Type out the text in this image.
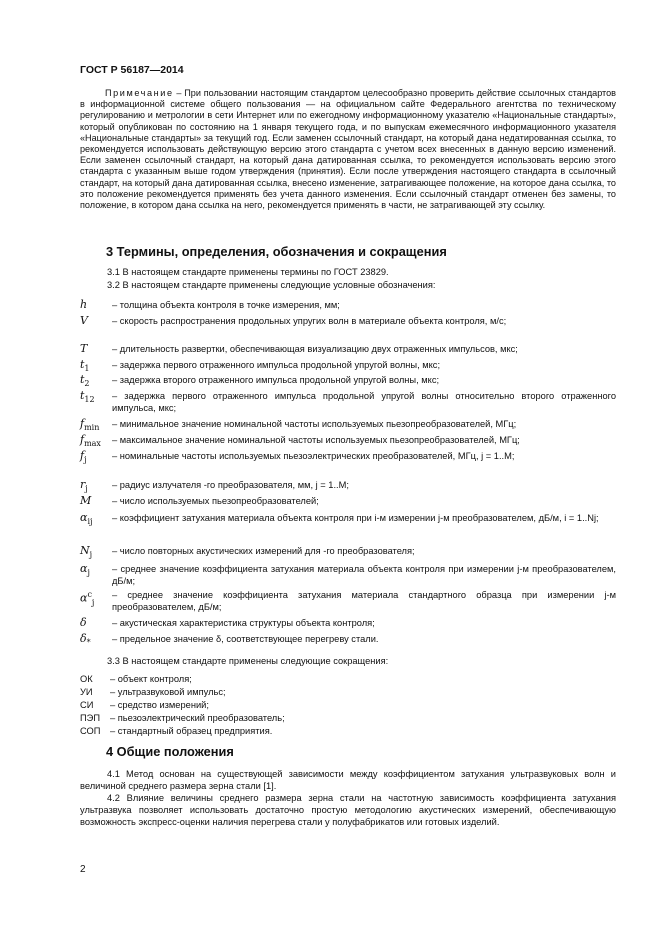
ГОСТ Р 56187—2014
Примечание – При пользовании настоящим стандартом целесообразно проверить действие ссылочных стандартов в информационной системе общего пользования — на официальном сайте Федерального агентства по техническому регулированию и метрологии в сети Интернет или по ежегодному информационному указателю «Национальные стандарты», который опубликован по состоянию на 1 января текущего года, и по выпускам ежемесячного информационного указателя «Национальные стандарты» за текущий год. Если заменен ссылочный стандарт, на который дана недатированная ссылка, то рекомендуется использовать действующую версию этого стандарта с учетом всех внесенных в данную версию изменений. Если заменен ссылочный стандарт, на который дана датированная ссылка, то рекомендуется использовать версию этого стандарта с указанным выше годом утверждения (принятия). Если после утверждения настоящего стандарта в ссылочный стандарт, на который дана датированная ссылка, внесено изменение, затрагивающее положение, на которое дана ссылка, то это положение рекомендуется применять без учета данного изменения. Если ссылочный стандарт отменен без замены, то положение, в котором дана ссылка на него, рекомендуется применять в части, не затрагивающей эту ссылку.
3 Термины, определения, обозначения и сокращения
3.1 В настоящем стандарте применены термины по ГОСТ 23829.
3.2 В настоящем стандарте применены следующие условные обозначения:
h	– толщина объекта контроля в точке измерения, мм;
V	– скорость распространения продольных упругих волн в материале объекта контроля, м/с;
T	– длительность развертки, обеспечивающая визуализацию двух отраженных импульсов, мкс;
$t_1$ – задержка первого отраженного импульса продольной упругой волны, мкс;
$t_2$ – задержка второго отраженного импульса продольной упругой волны, мкс;
$t_{12}$ – задержка первого отраженного импульса продольной упругой волны относительно второго отраженного импульса, мкс;
$f_{min}$ – минимальное значение номинальной частоты используемых пьезопреобразователей, МГц;
$f_{max}$ – максимальное значение номинальной частоты используемых пьезопреобразователей, МГц;
$f_j$	– номинальные частоты используемых пьезоэлектрических преобразователей, МГц, j = 1..M;
$r_j$	– радиус излучателя -го преобразователя, мм, j = 1..M;
M – число используемых пьезопреобразователей;
$\alpha_{ij}$ – коэффициент затухания материала объекта контроля при i-м измерении j-м преобразователем, дБ/м, i = 1..Nj;
$N_j$ – число повторных акустических измерений для -го преобразователя;
$\alpha_j$ – среднее значение коэффициента затухания материала объекта контроля при измерении j-м преобразователем, дБ/м;
$\alpha^c_j$
– среднее значение коэффициента затухания материала стандартного образца при измерении j-м преобразователем, дБ/м;
δ	– акустическая характеристика структуры объекта контроля;
$\delta_*$ – предельное значение δ, соответствующее перегреву стали.
3.3 В настоящем стандарте применены следующие сокращения:
ОК – объект контроля;
УИ – ультразвуковой импульс;
СИ – средство измерений;
ПЭП – пьезоэлектрический преобразователь;
СОП – стандартный образец предприятия.
4 Общие положения
4.1 Метод основан на существующей зависимости между коэффициентом затухания ультразвуковых волн и величиной среднего размера зерна стали [1].
4.2 Влияние величины среднего размера зерна стали на частотную зависимость коэффициента затухания ультразвука позволяет использовать достаточно простую методологию акустических измерений, обеспечивающую возможность экспресс-оценки наличия перегрева стали у полуфабрикатов или готовых изделий.
2
